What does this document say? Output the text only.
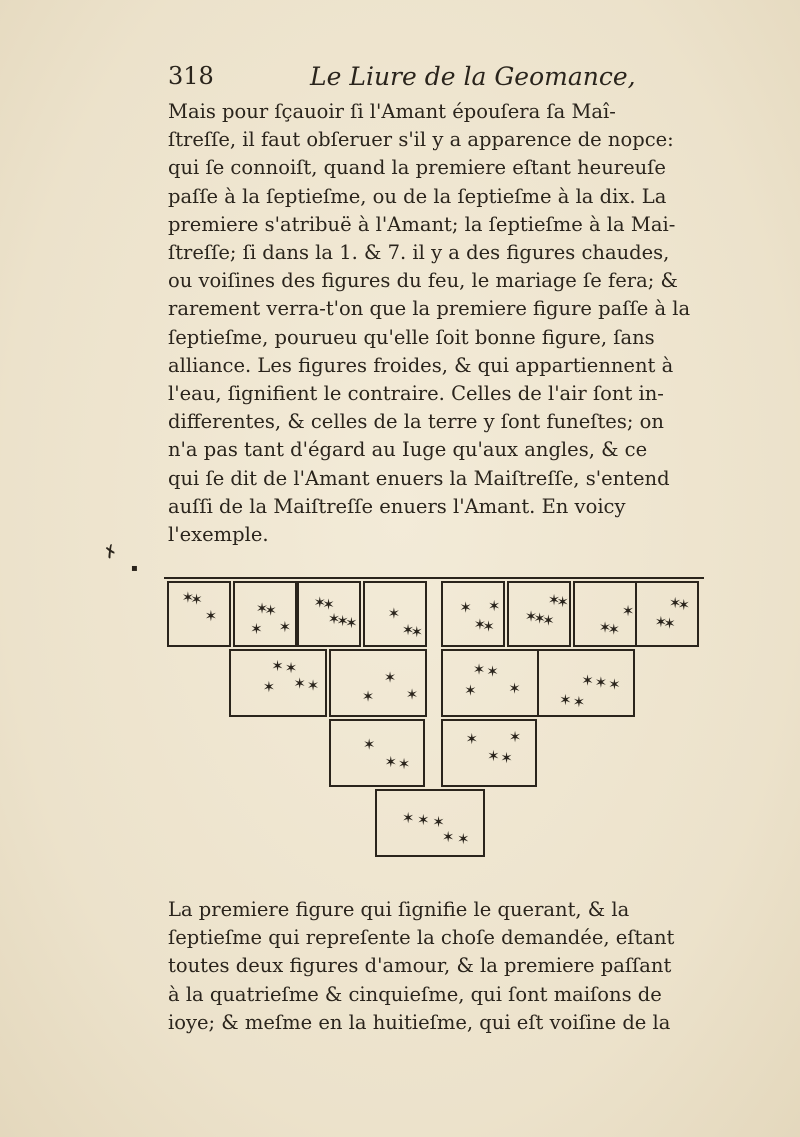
318	Le Liure de la Geomance,

Mais pour ſçauoir ſi l'Amant épouſera ſa Maî-
ſtreſſe, il faut obſeruer s'il y a apparence de nopce:
qui ſe connoiſt, quand la premiere eſtant heureuſe
paſſe à la ſeptieſme, ou de la ſeptieſme à la dix. La
premiere s'atribuë à l'Amant; la ſeptieſme à la Mai-
ſtreſſe; ſi dans la 1. & 7. il y a des figures chaudes,
ou voiſines des figures du feu, le mariage ſe fera; &
rarement verra-t'on que la premiere figure paſſe à la
ſeptieſme, pourueu qu'elle ſoit bonne figure, ſans
alliance. Les figures froides, & qui appartiennent à
l'eau, ſignifient le contraire. Celles de l'air ſont in-
differentes, & celles de la terre y ſont funeſtes; on
n'a pas tant d'égard au Iuge qu'aux angles, & ce
qui ſe dit de l'Amant enuers la Maiſtreſſe, s'entend
auſſi de la Maiſtreſſe enuers l'Amant. En voicy
l'exemple.

✗
▪
✶
✶
✶	✶
✶
✶
✶
✶
✶
✶
✶
✶	✶
✶
✶
✶
✶
✶
✶
✶
✶
✶
✶
✶	✶
✶
✶
✶
✶
✶
✶
✶
✶
✶
✶
✶	✶
✶
✶
✶
✶
✶
✶
✶
✶
✶
✶
✶
✶
✶
✶
✶
✶
✶
✶
✶
✶
✶
✶
✶

La premiere figure qui ſignifie le querant, & la
ſeptieſme qui repreſente la choſe demandée, eſtant
toutes deux figures d'amour, & la premiere paſſant
à la quatrieſme & cinquieſme, qui ſont maiſons de
ioye; & meſme en la huitieſme, qui eſt voiſine de la
